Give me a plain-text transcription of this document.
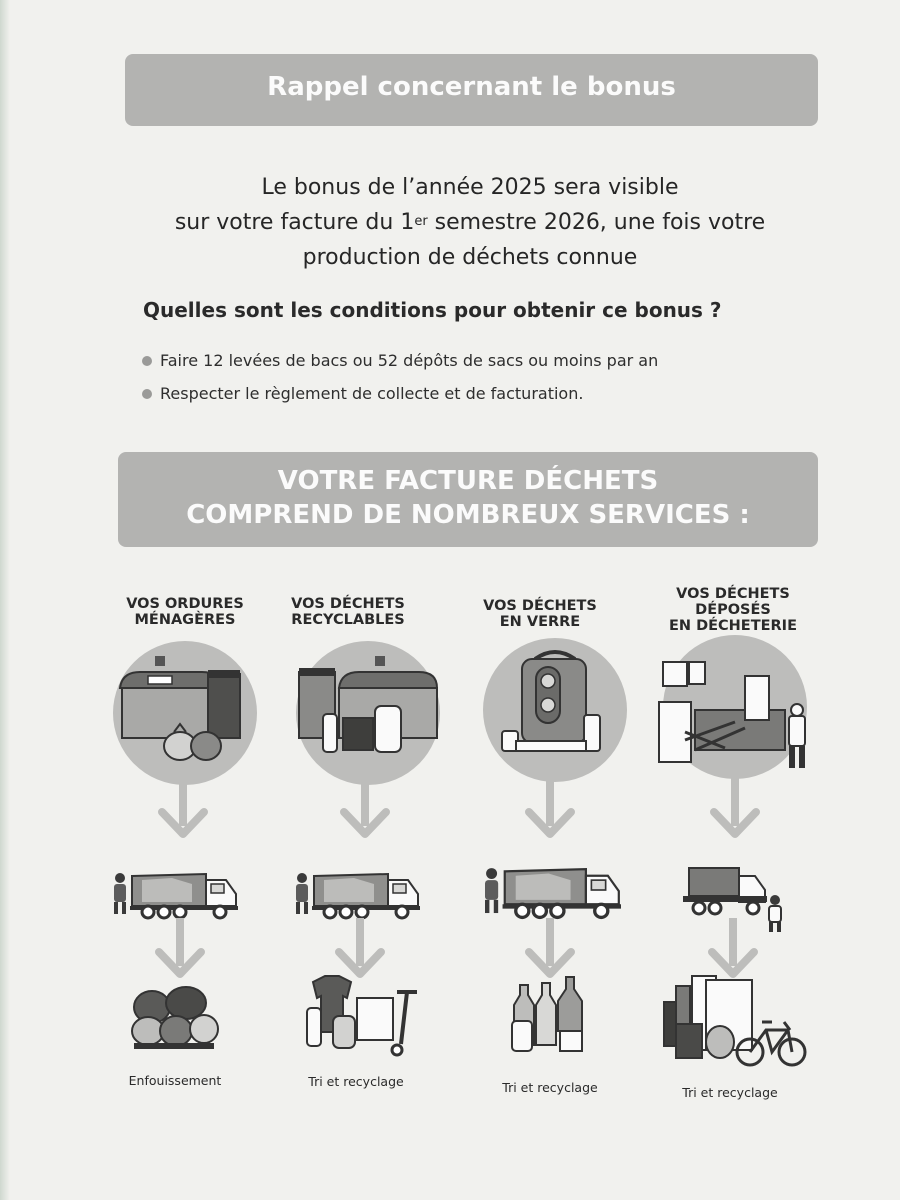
Rappel concernant le bonus
Le bonus de l’année 2025 sera visible
sur votre facture du 1er semestre 2026, une fois votre
production de déchets connue
Quelles sont les conditions pour obtenir ce bonus ?
Faire 12 levées de bacs ou 52 dépôts de sacs ou moins par an
Respecter le règlement de collecte et de facturation.
VOTRE FACTURE DÉCHETS
COMPREND DE NOMBREUX SERVICES :
VOS ORDURES
MÉNAGÈRES
VOS DÉCHETS
RECYCLABLES
VOS DÉCHETS
EN VERRE
VOS DÉCHETS
DÉPOSÉS
EN DÉCHETERIE
Enfouissement	Tri et recyclage	Tri et recyclage	Tri et recyclage
